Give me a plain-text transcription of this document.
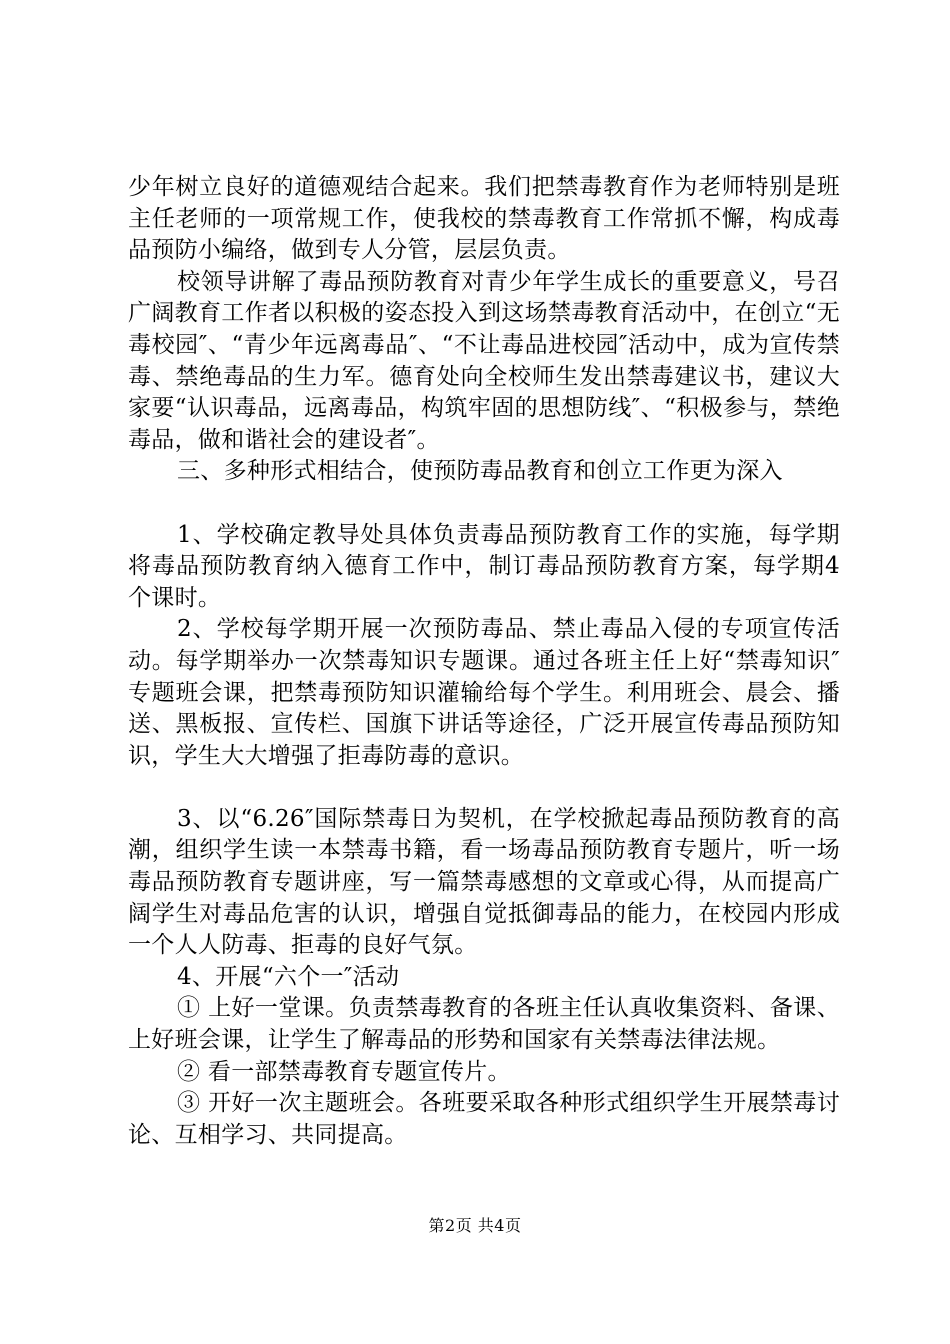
少年树立良好的道德观结合起来。我们把禁毒教育作为老师特别是班主任老师的一项常规工作，使我校的禁毒教育工作常抓不懈，构成毒品预防小编络，做到专人分管，层层负责。

校领导讲解了毒品预防教育对青少年学生成长的重要意义，号召广阔教育工作者以积极的姿态投入到这场禁毒教育活动中，在创立“无毒校园″、“青少年远离毒品″、“不让毒品进校园″活动中，成为宣传禁毒、禁绝毒品的生力军。德育处向全校师生发出禁毒建议书，建议大家要“认识毒品，远离毒品，构筑牢固的思想防线″、“积极参与，禁绝毒品，做和谐社会的建设者″。

三、多种形式相结合，使预防毒品教育和创立工作更为深入

1、学校确定教导处具体负责毒品预防教育工作的实施，每学期将毒品预防教育纳入德育工作中，制订毒品预防教育方案，每学期4个课时。

2、学校每学期开展一次预防毒品、禁止毒品入侵的专项宣传活动。每学期举办一次禁毒知识专题课。通过各班主任上好“禁毒知识″专题班会课，把禁毒预防知识灌输给每个学生。利用班会、晨会、播送、黑板报、宣传栏、国旗下讲话等途径，广泛开展宣传毒品预防知识，学生大大增强了拒毒防毒的意识。

3、以“6.26″国际禁毒日为契机，在学校掀起毒品预防教育的高潮，组织学生读一本禁毒书籍，看一场毒品预防教育专题片，听一场毒品预防教育专题讲座，写一篇禁毒感想的文章或心得，从而提高广阔学生对毒品危害的认识，增强自觉抵御毒品的能力，在校园内形成一个人人防毒、拒毒的良好气氛。

4、开展“六个一″活动

① 上好一堂课。负责禁毒教育的各班主任认真收集资料、备课、上好班会课，让学生了解毒品的形势和国家有关禁毒法律法规。

② 看一部禁毒教育专题宣传片。

③ 开好一次主题班会。各班要采取各种形式组织学生开展禁毒讨论、互相学习、共同提高。

第2页 共4页
